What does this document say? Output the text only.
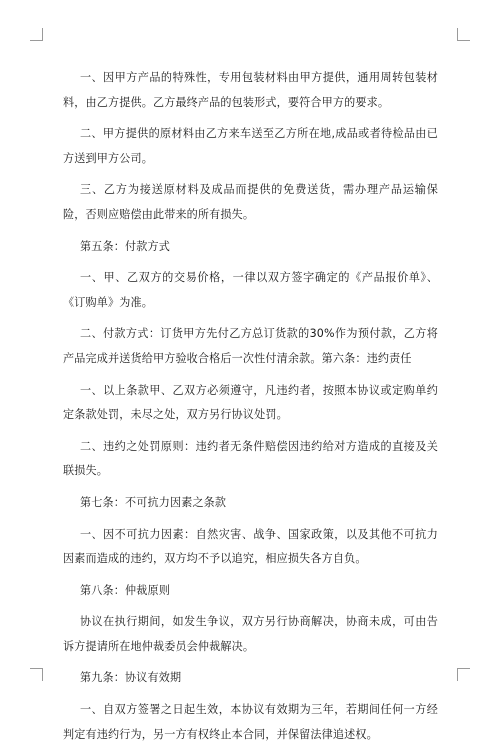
一、因甲方产品的特殊性，专用包装材料由甲方提供，通用周转包装材料，由乙方提供。乙方最终产品的包装形式，要符合甲方的要求。

二、甲方提供的原材料由乙方来车送至乙方所在地,成品或者待检品由已方送到甲方公司。

三、乙方为接送原材料及成品而提供的免费送货，需办理产品运输保险，否则应赔偿由此带来的所有损失。

第五条：付款方式

一、甲、乙双方的交易价格，一律以双方签字确定的《产品报价单》、《订购单》为准。

二、付款方式：订货甲方先付乙方总订货款的30%作为预付款，乙方将产品完成并送货给甲方验收合格后一次性付清余款。第六条：违约责任

一、以上条款甲、乙双方必须遵守，凡违约者，按照本协议或定购单约定条款处罚，未尽之处，双方另行协议处罚。

二、违约之处罚原则：违约者无条件赔偿因违约给对方造成的直接及关联损失。

第七条：不可抗力因素之条款

一、因不可抗力因素：自然灾害、战争、国家政策，以及其他不可抗力因素而造成的违约，双方均不予以追究，相应损失各方自负。

第八条：仲裁原则

协议在执行期间，如发生争议，双方另行协商解决，协商未成，可由告诉方提请所在地仲裁委员会仲裁解决。

第九条：协议有效期

一、自双方签署之日起生效，本协议有效期为三年，若期间任何一方经判定有违约行为，另一方有权终止本合同，并保留法律追述权。
